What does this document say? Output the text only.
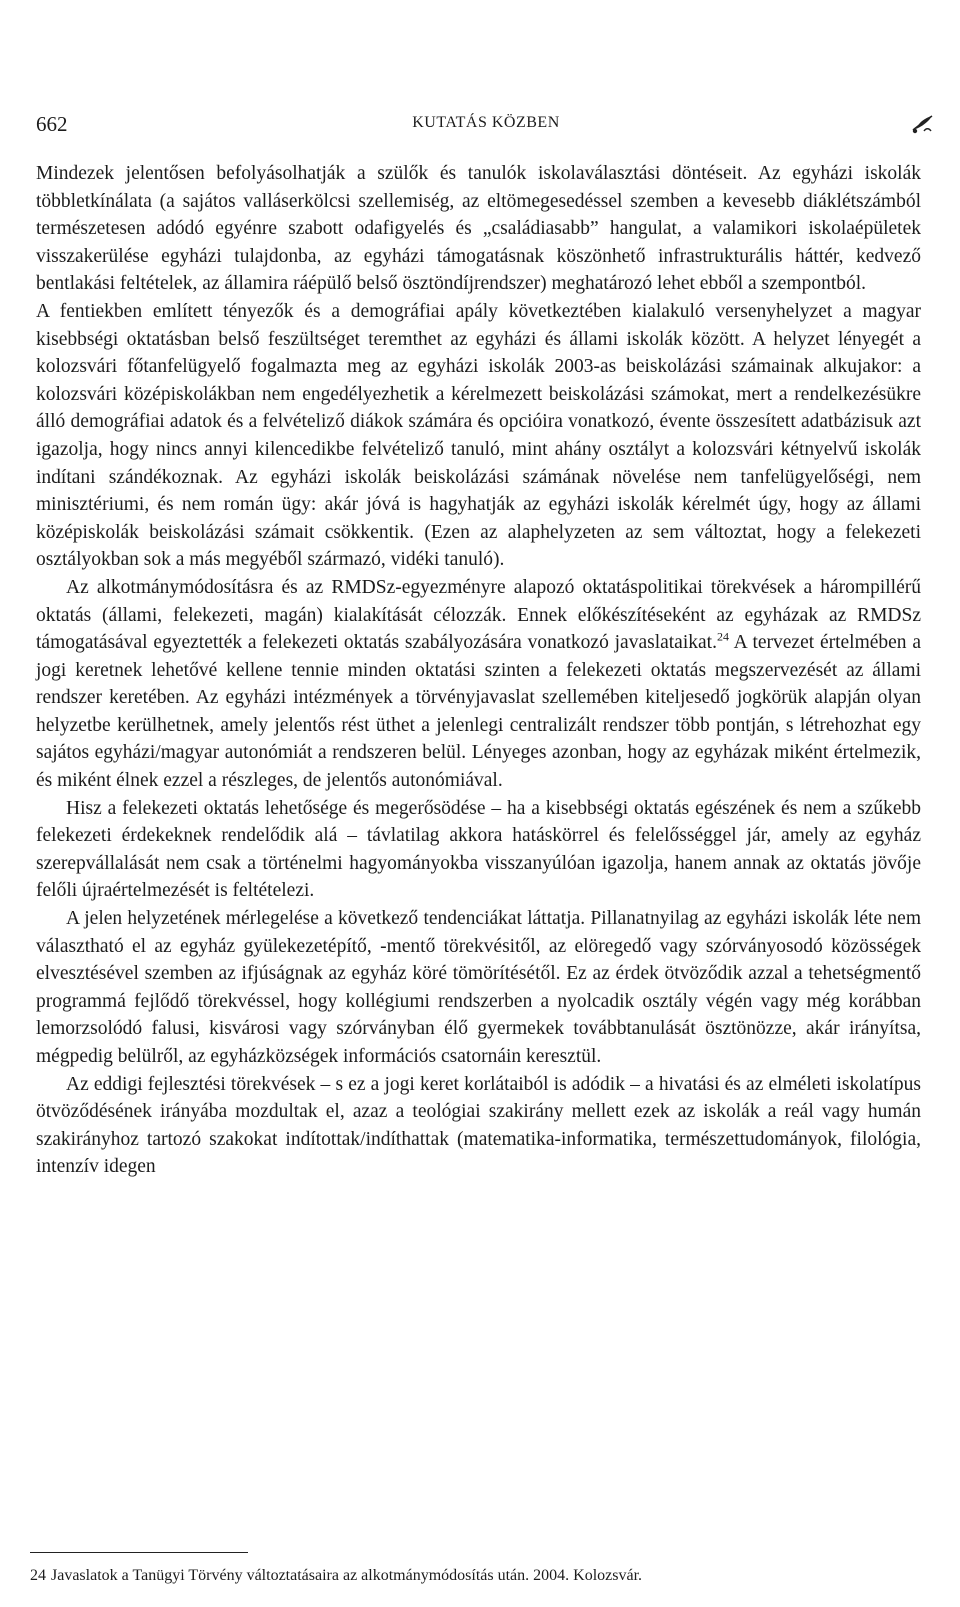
662	KUTATÁS KÖZBEN

Mindezek jelentősen befolyásolhatják a szülők és tanulók iskolaválasztási döntéseit. Az egyházi iskolák többletkínálata (a sajátos valláserkölcsi szellemiség, az eltömegesedéssel szemben a kevesebb diáklétszámból természetesen adódó egyénre szabott odafigyelés és „családiasabb” hangulat, a valamikori iskolaépületek visszakerülése egyházi tulajdonba, az egyházi támogatásnak köszönhető infrastrukturális háttér, kedvező bentlakási feltételek, az államira ráépülő belső ösztöndíjrendszer) meghatározó lehet ebből a szempontból.

A fentiekben említett tényezők és a demográfiai apály következtében kialakuló versenyhelyzet a magyar kisebbségi oktatásban belső feszültséget teremthet az egyházi és állami iskolák között. A helyzet lényegét a kolozsvári főtanfelügyelő fogalmazta meg az egyházi iskolák 2003-as beiskolázási számainak alkujakor: a kolozsvári középiskolákban nem engedélyezhetik a kérelmezett beiskolázási számokat, mert a rendelkezésükre álló demográfiai adatok és a felvételiző diákok számára és opcióira vonatkozó, évente összesített adatbázisuk azt igazolja, hogy nincs annyi kilencedikbe felvételiző tanuló, mint ahány osztályt a kolozsvári kétnyelvű iskolák indítani szándékoznak. Az egyházi iskolák beiskolázási számának növelése nem tanfelügyelőségi, nem minisztériumi, és nem román ügy: akár jóvá is hagyhatják az egyházi iskolák kérelmét úgy, hogy az állami középiskolák beiskolázási számait csökkentik. (Ezen az alaphelyzeten az sem változtat, hogy a felekezeti osztályokban sok a más megyéből származó, vidéki tanuló).

Az alkotmánymódosításra és az RMDSz-egyezményre alapozó oktatáspolitikai törekvések a hárompillérű oktatás (állami, felekezeti, magán) kialakítását célozzák. Ennek előkészítéseként az egyházak az RMDSz támogatásával egyeztették a felekezeti oktatás szabályozására vonatkozó javaslataikat.$^{24}$ A tervezet értelmében a jogi keretnek lehetővé kellene tennie minden oktatási szinten a felekezeti oktatás megszervezését az állami rendszer keretében. Az egyházi intézmények a törvényjavaslat szellemében kiteljesedő jogkörük alapján olyan helyzetbe kerülhetnek, amely jelentős rést üthet a jelenlegi centralizált rendszer több pontján, s létrehozhat egy sajátos egyházi/magyar autonómiát a rendszeren belül. Lényeges azonban, hogy az egyházak miként értelmezik, és miként élnek ezzel a részleges, de jelentős autonómiával.

Hisz a felekezeti oktatás lehetősége és megerősödése – ha a kisebbségi oktatás egészének és nem a szűkebb felekezeti érdekeknek rendelődik alá – távlatilag akkora hatáskörrel és felelősséggel jár, amely az egyház szerepvállalását nem csak a történelmi hagyományokba visszanyúlóan igazolja, hanem annak az oktatás jövője felőli újraértelmezését is feltételezi.

A jelen helyzetének mérlegelése a következő tendenciákat láttatja. Pillanatnyilag az egyházi iskolák léte nem választható el az egyház gyülekezetépítő, -mentő törekvésitől, az elöregedő vagy szórványosodó közösségek elvesztésével szemben az ifjúságnak az egyház köré tömörítésétől. Ez az érdek ötvöződik azzal a tehetségmentő programmá fejlődő törekvéssel, hogy kollégiumi rendszerben a nyolcadik osztály végén vagy még korábban lemorzsolódó falusi, kisvárosi vagy szórványban élő gyermekek továbbtanulását ösztönözze, akár irányítsa, mégpedig belülről, az egyházközségek információs csatornáin keresztül.

Az eddigi fejlesztési törekvések – s ez a jogi keret korlátaiból is adódik – a hivatási és az elméleti iskolatípus ötvöződésének irányába mozdultak el, azaz a teológiai szakirány mellett ezek az iskolák a reál vagy humán szakirányhoz tartozó szakokat indítottak/indíthattak (matematika-informatika, természettudományok, filológia, intenzív idegen

24 Javaslatok a Tanügyi Törvény változtatásaira az alkotmánymódosítás után. 2004. Kolozsvár.
